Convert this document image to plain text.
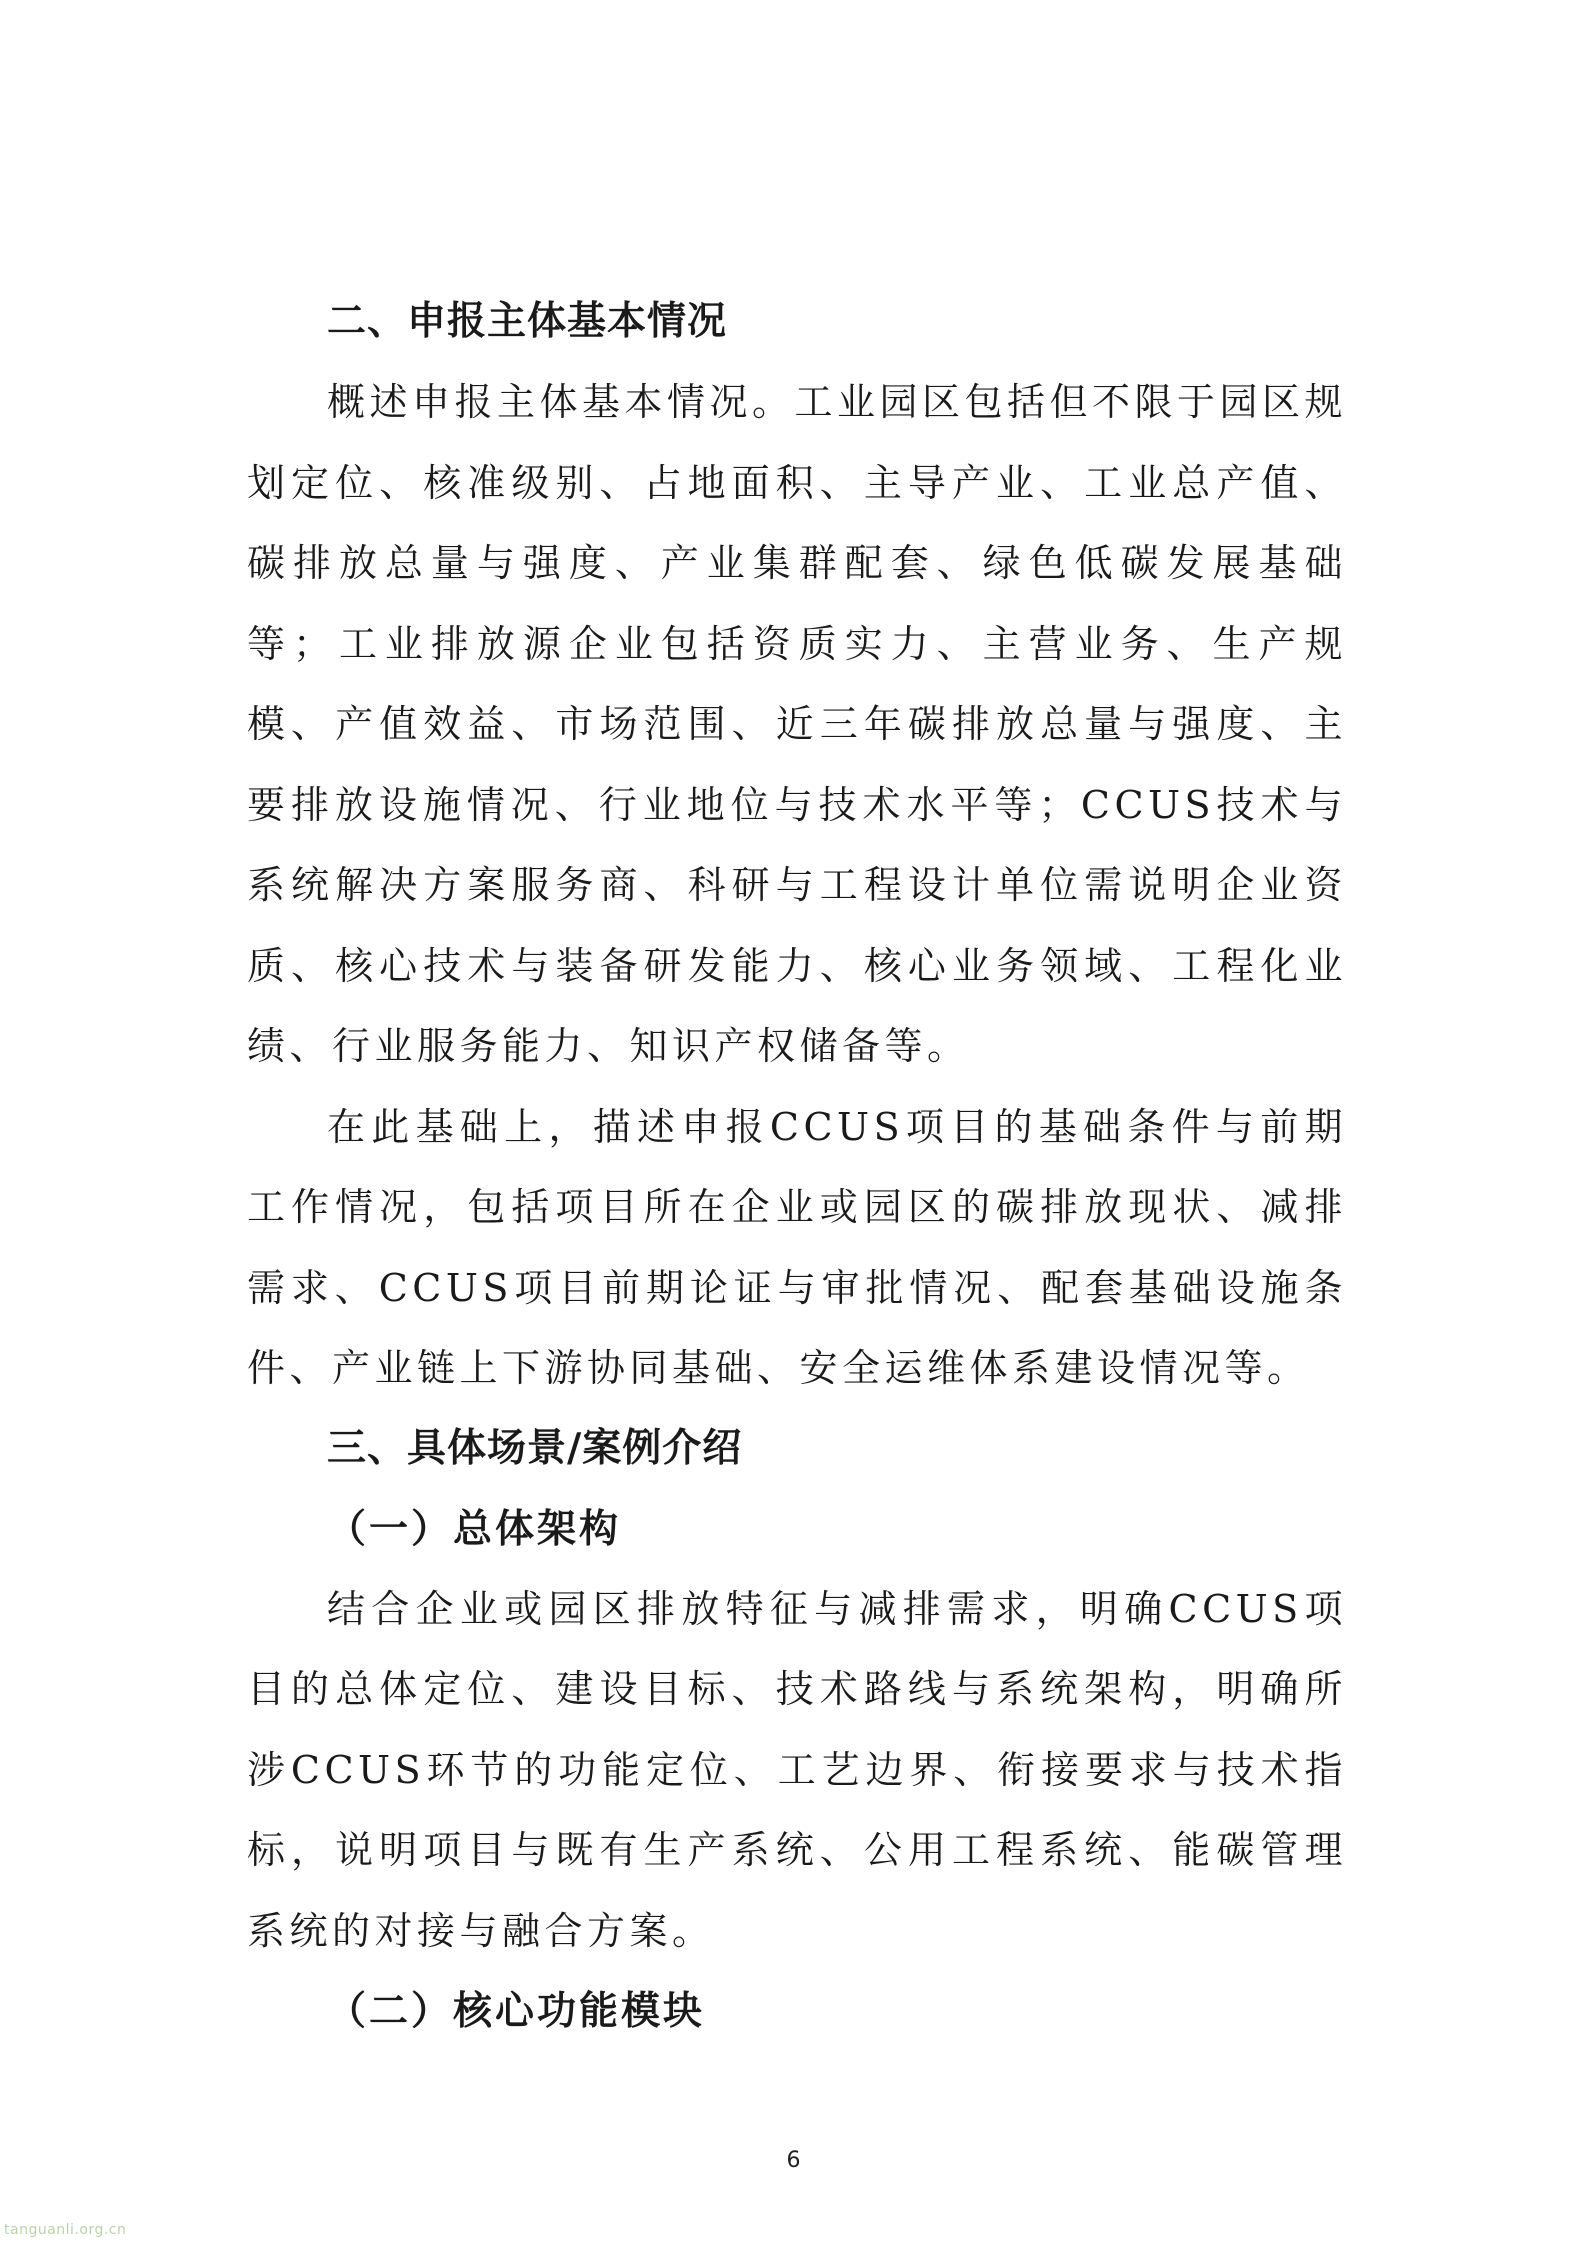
二、申报主体基本情况

概述申报主体基本情况。工业园区包括但不限于园区规划定位、核准级别、占地面积、主导产业、工业总产值、碳排放总量与强度、产业集群配套、绿色低碳发展基础等；工业排放源企业包括资质实力、主营业务、生产规模、产值效益、市场范围、近三年碳排放总量与强度、主要排放设施情况、行业地位与技术水平等；CCUS技术与系统解决方案服务商、科研与工程设计单位需说明企业资质、核心技术与装备研发能力、核心业务领域、工程化业绩、行业服务能力、知识产权储备等。

在此基础上，描述申报CCUS项目的基础条件与前期工作情况，包括项目所在企业或园区的碳排放现状、减排需求、CCUS项目前期论证与审批情况、配套基础设施条件、产业链上下游协同基础、安全运维体系建设情况等。

三、具体场景/案例介绍
（一）总体架构

结合企业或园区排放特征与减排需求，明确CCUS项目的总体定位、建设目标、技术路线与系统架构，明确所涉CCUS环节的功能定位、工艺边界、衔接要求与技术指标，说明项目与既有生产系统、公用工程系统、能碳管理系统的对接与融合方案。

（二）核心功能模块
6
tanguanli.org.cn
